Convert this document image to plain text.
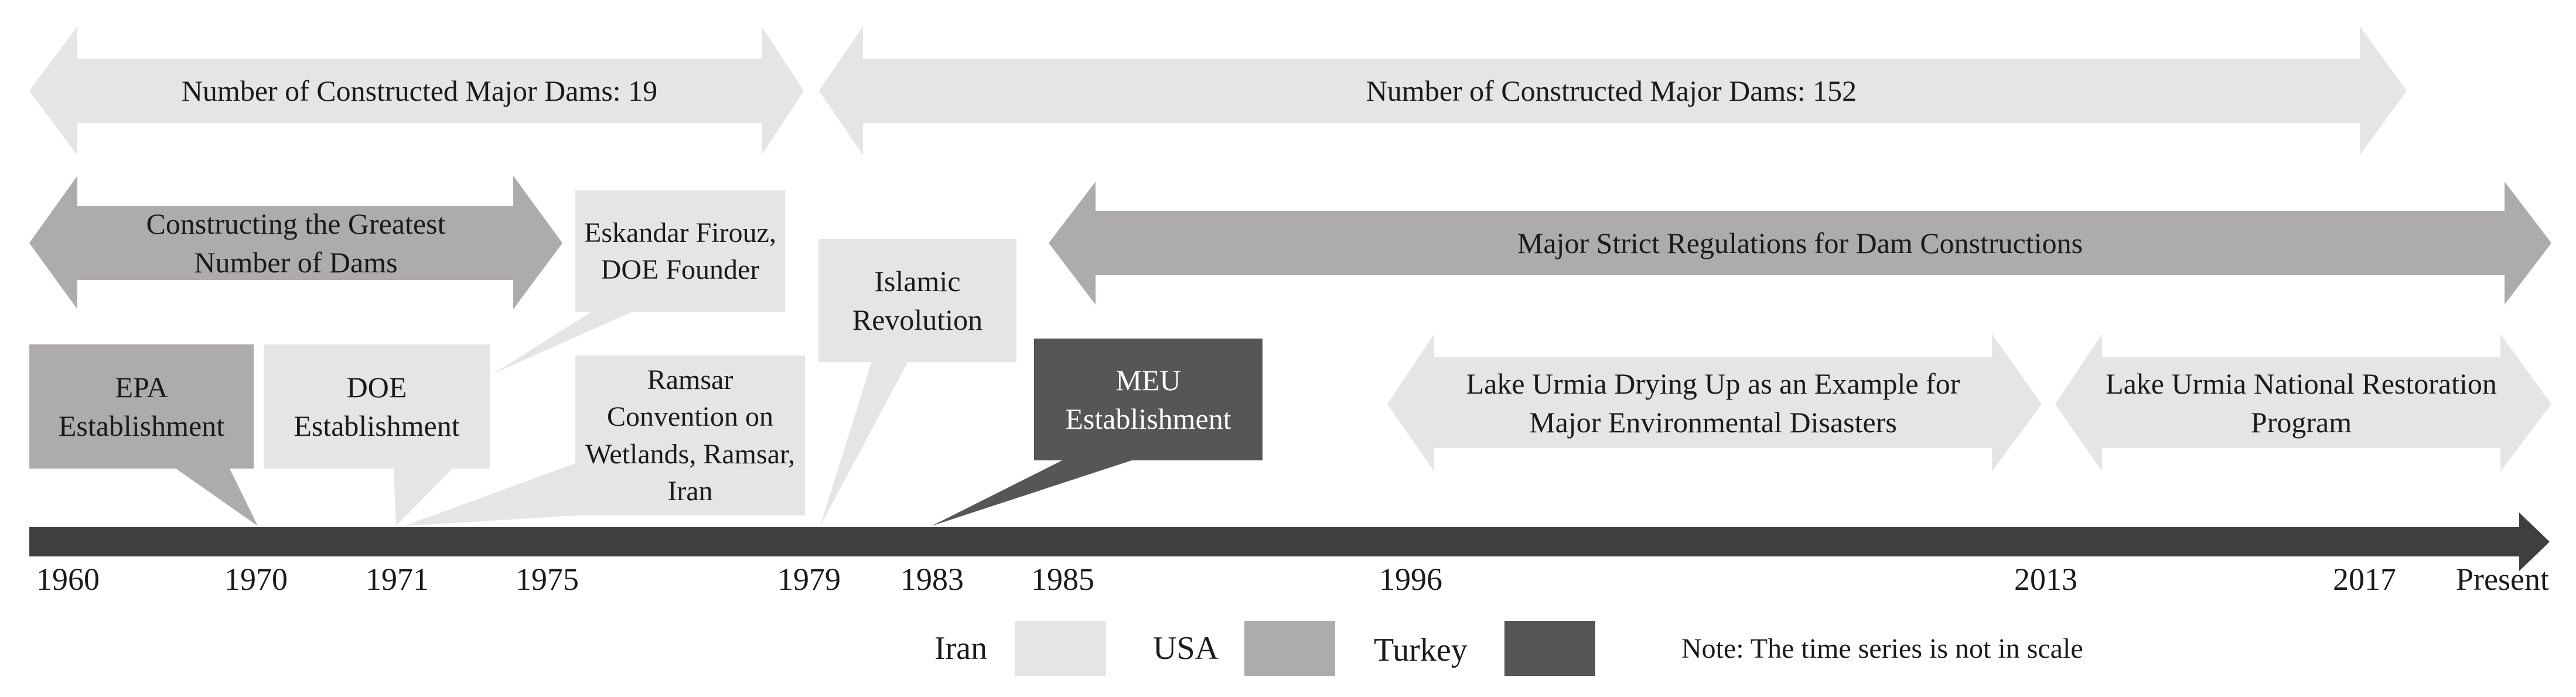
Number of Constructed Major Dams: 19	Number of Constructed Major Dams: 152
Constructing the Greatest Number of Dams
Eskandar Firouz, DOE Founder
Major Strict Regulations for Dam Constructions
EPA Establishment
DOE Establishment
Ramsar Convention on Wetlands, Ramsar, Iran
Islamic Revolution
MEU Establishment
Lake Urmia Drying Up as an Example for Major Environmental Disasters
Lake Urmia National Restoration Program
1960	1970 1971	1975	1979 1983 1985	1996	2013	2017 Present
Iran	USA	Turkey	Note: The time series is not in scale
